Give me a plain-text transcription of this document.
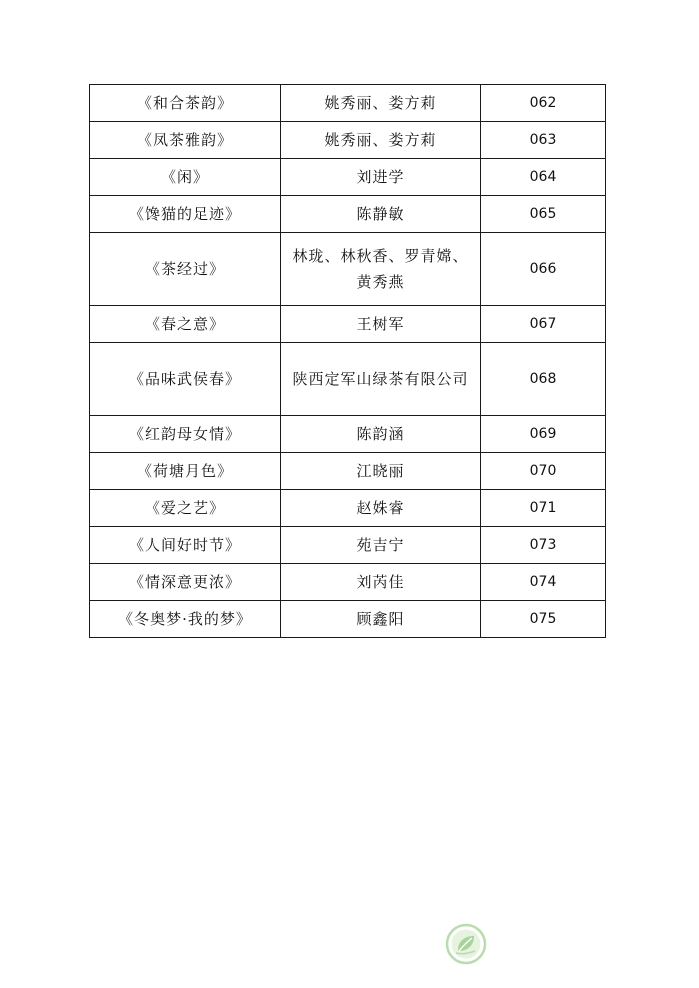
《和合茶韵》	姚秀丽、娄方莉	062
《凤茶雅韵》	姚秀丽、娄方莉	063
《闲》	刘进学	064
《馋猫的足迹》	陈静敏	065
《茶经过》	林珑、林秋香、罗青嫦、黄秀燕	066
《春之意》	王树军	067
《品味武侯春》	陕西定军山绿茶有限公司	068
《红韵母女情》	陈韵涵	069
《荷塘月色》	江晓丽	070
《爱之艺》	赵姝睿	071
《人间好时节》	苑吉宁	073
《情深意更浓》	刘芮佳	074
《冬奥梦·我的梦》	顾鑫阳	075
